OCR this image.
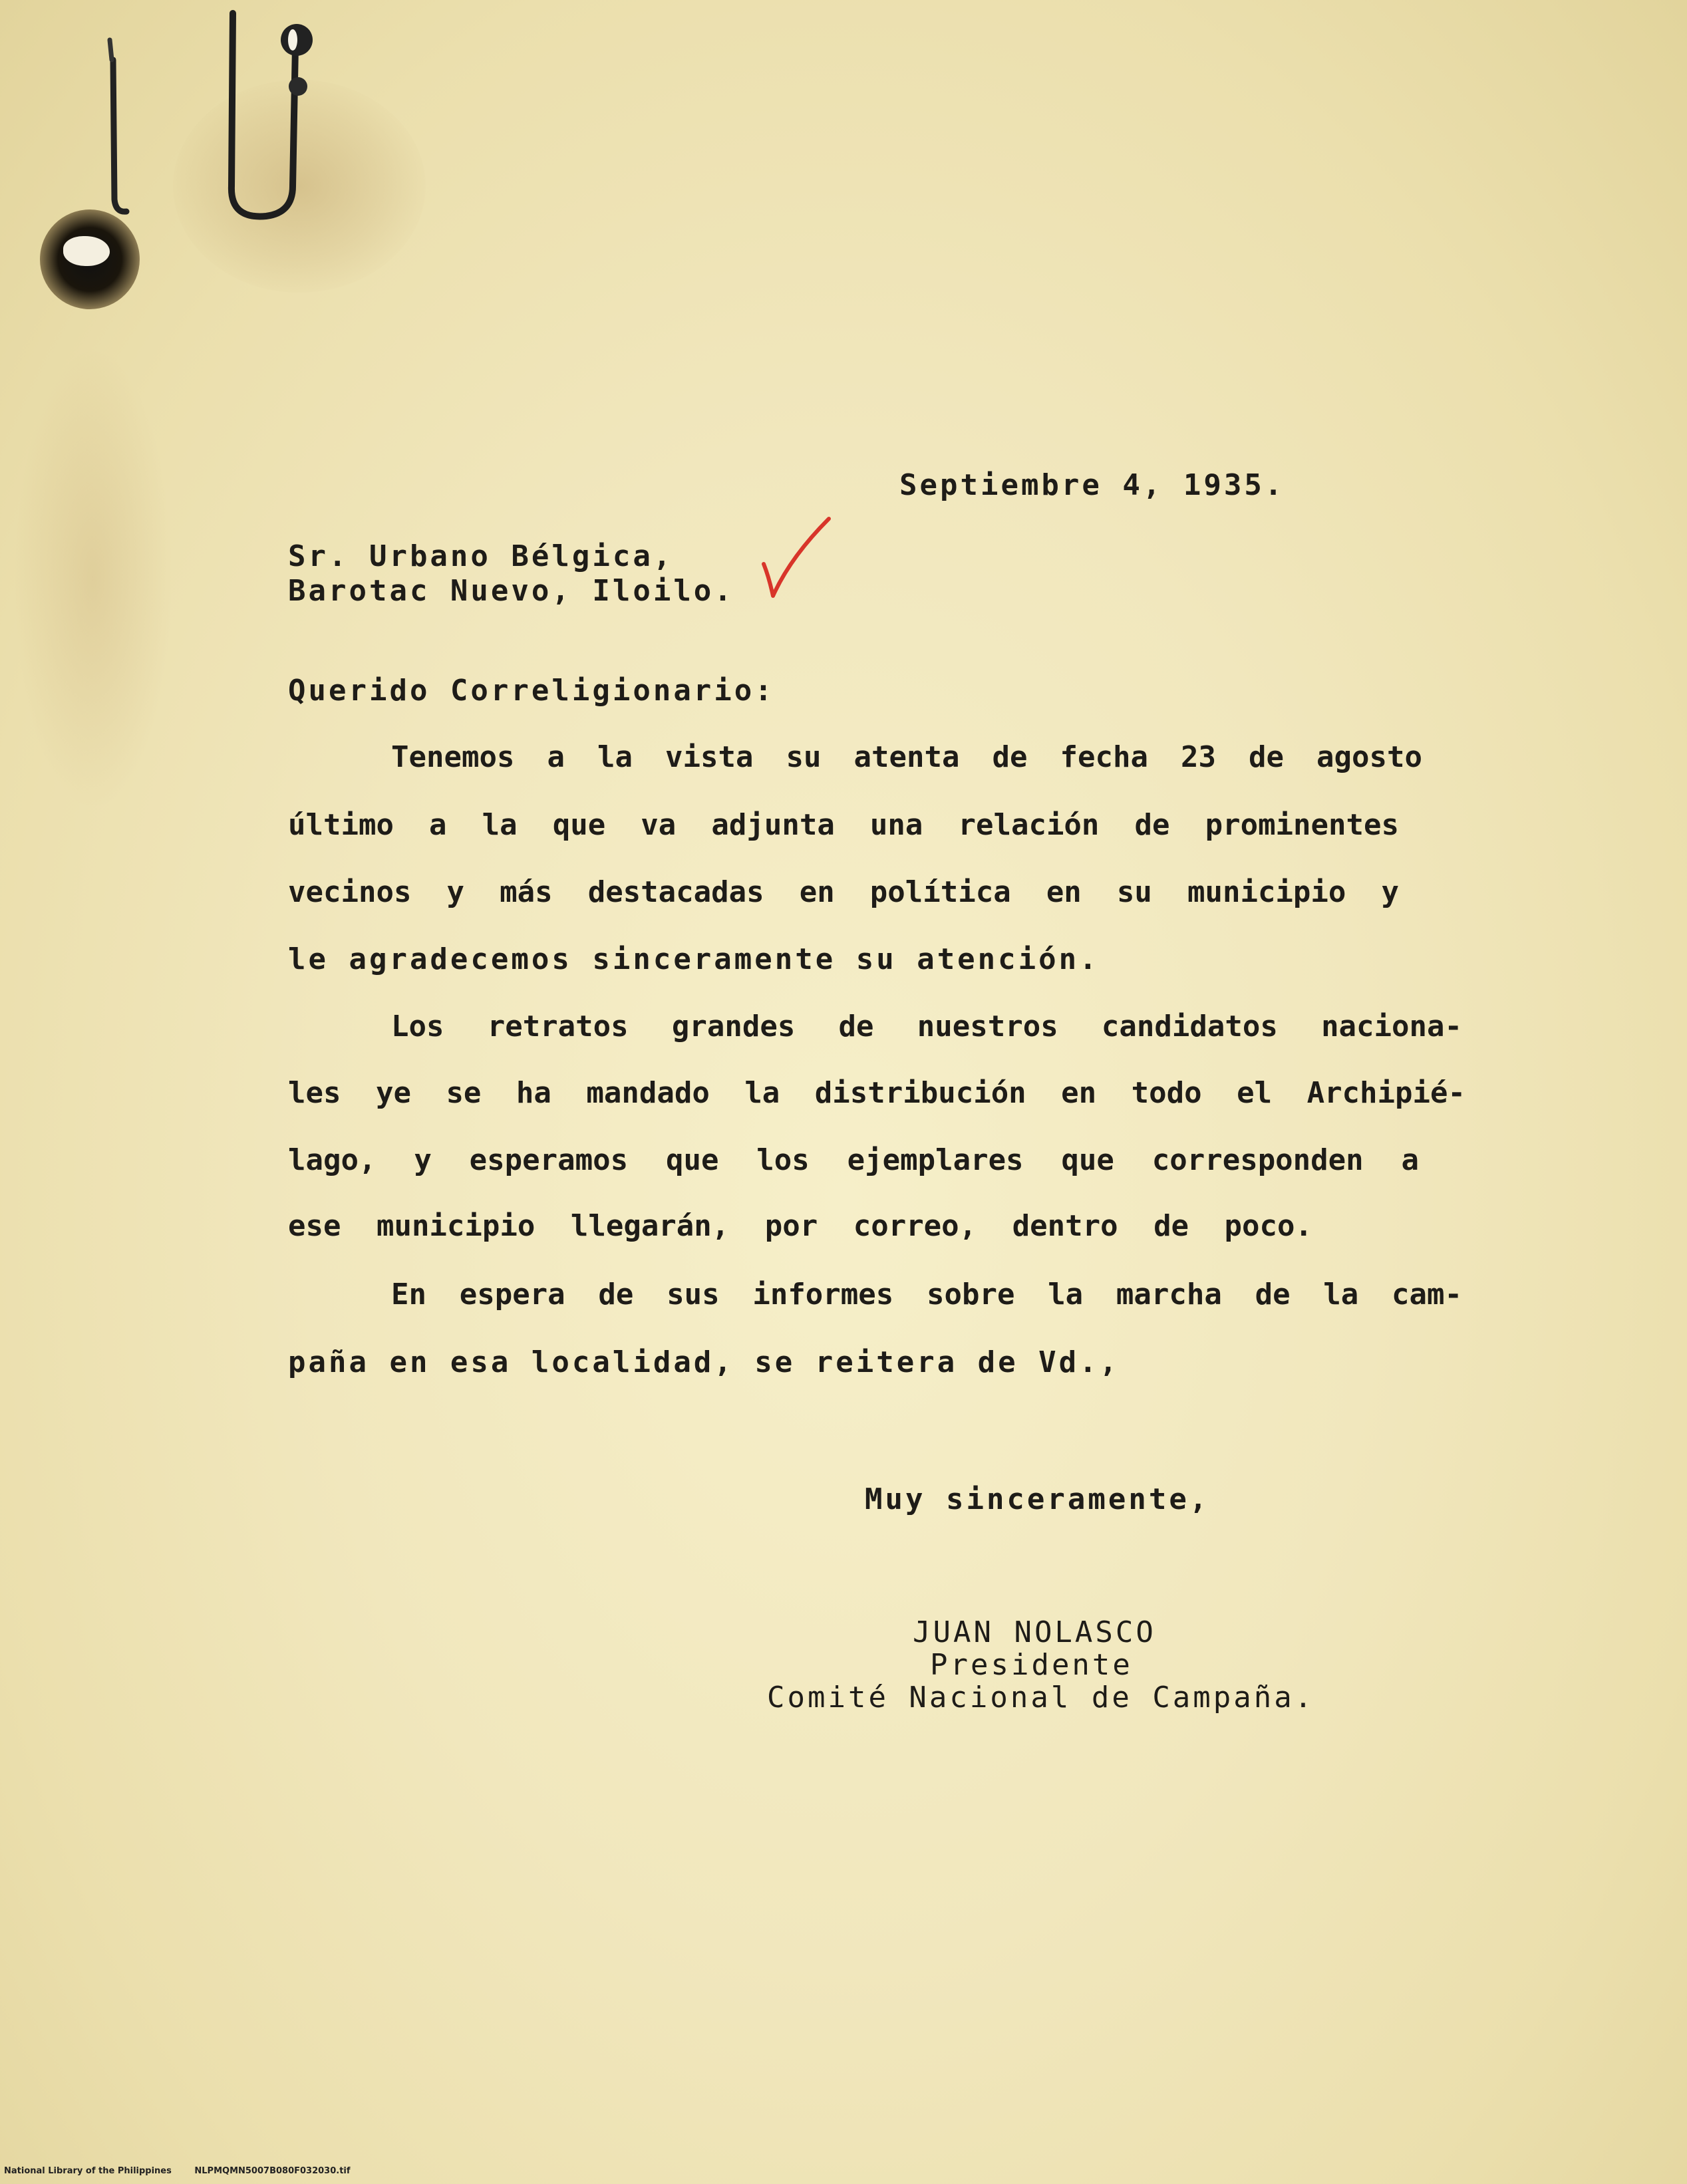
Septiembre 4, 1935.
Sr. Urbano Bélgica,
Barotac Nuevo, Iloilo.
Querido Correligionario:
Tenemos a la vista su atenta de fecha 23 de agosto
último a la que va adjunta una relación de prominentes
vecinos y más destacadas en política en su municipio y
le agradecemos sinceramente su atención.
Los retratos grandes de nuestros candidatos naciona-
les ye se ha mandado la distribución en todo el Archipié-
lago, y esperamos que los ejemplares que corresponden a
ese municipio llegarán, por correo, dentro de poco.
En espera de sus informes sobre la marcha de la cam-
paña en esa localidad, se reitera de Vd.,
Muy sinceramente,
JUAN NOLASCO
Presidente
Comité Nacional de Campaña.
National Library of the Philippines	NLPMQMN5007B080F032030.tif
